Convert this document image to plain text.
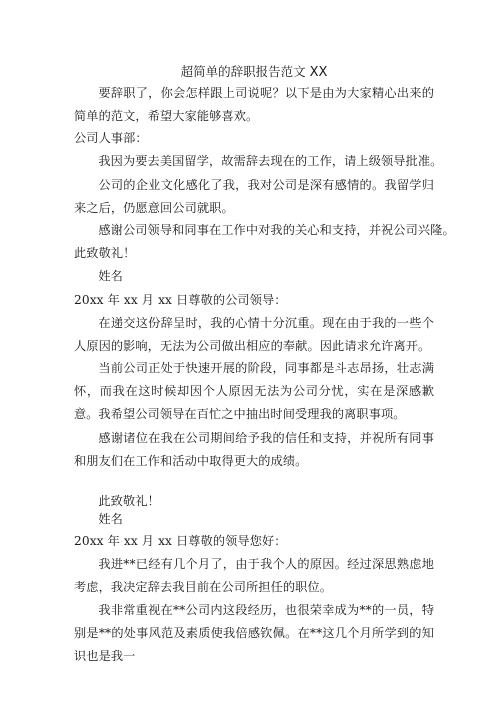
超简单的辞职报告范文 XX
要辞职了，你会怎样跟上司说呢？以下是由为大家精心出来的简单的范文，希望大家能够喜欢。
公司人事部：
我因为要去美国留学，故需辞去现在的工作，请上级领导批准。
公司的企业文化感化了我，我对公司是深有感情的。我留学归来之后，仍愿意回公司就职。
感谢公司领导和同事在工作中对我的关心和支持，并祝公司兴隆。
此致敬礼！
姓名
20xx 年 xx 月 xx 日尊敬的公司领导：
在递交这份辞呈时，我的心情十分沉重。现在由于我的一些个人原因的影响，无法为公司做出相应的奉献。因此请求允许离开。
当前公司正处于快速开展的阶段，同事都是斗志昂扬，壮志满怀，而我在这时候却因个人原因无法为公司分忧，实在是深感歉意。 我希望公司领导在百忙之中抽出时间受理我的离职事项。
感谢诸位在我在公司期间给予我的信任和支持，并祝所有同事和朋友们在工作和活动中取得更大的成绩。
此致敬礼！
姓名
20xx 年 xx 月 xx 日尊敬的领导您好：
我进**已经有几个月了，由于我个人的原因。经过深思熟虑地考虑，我决定辞去我目前在公司所担任的职位。
我非常重视在**公司内这段经历，也很荣幸成为**的一员，特别是**的处事风范及素质使我倍感钦佩。在**这几个月所学到的知识也是我一
